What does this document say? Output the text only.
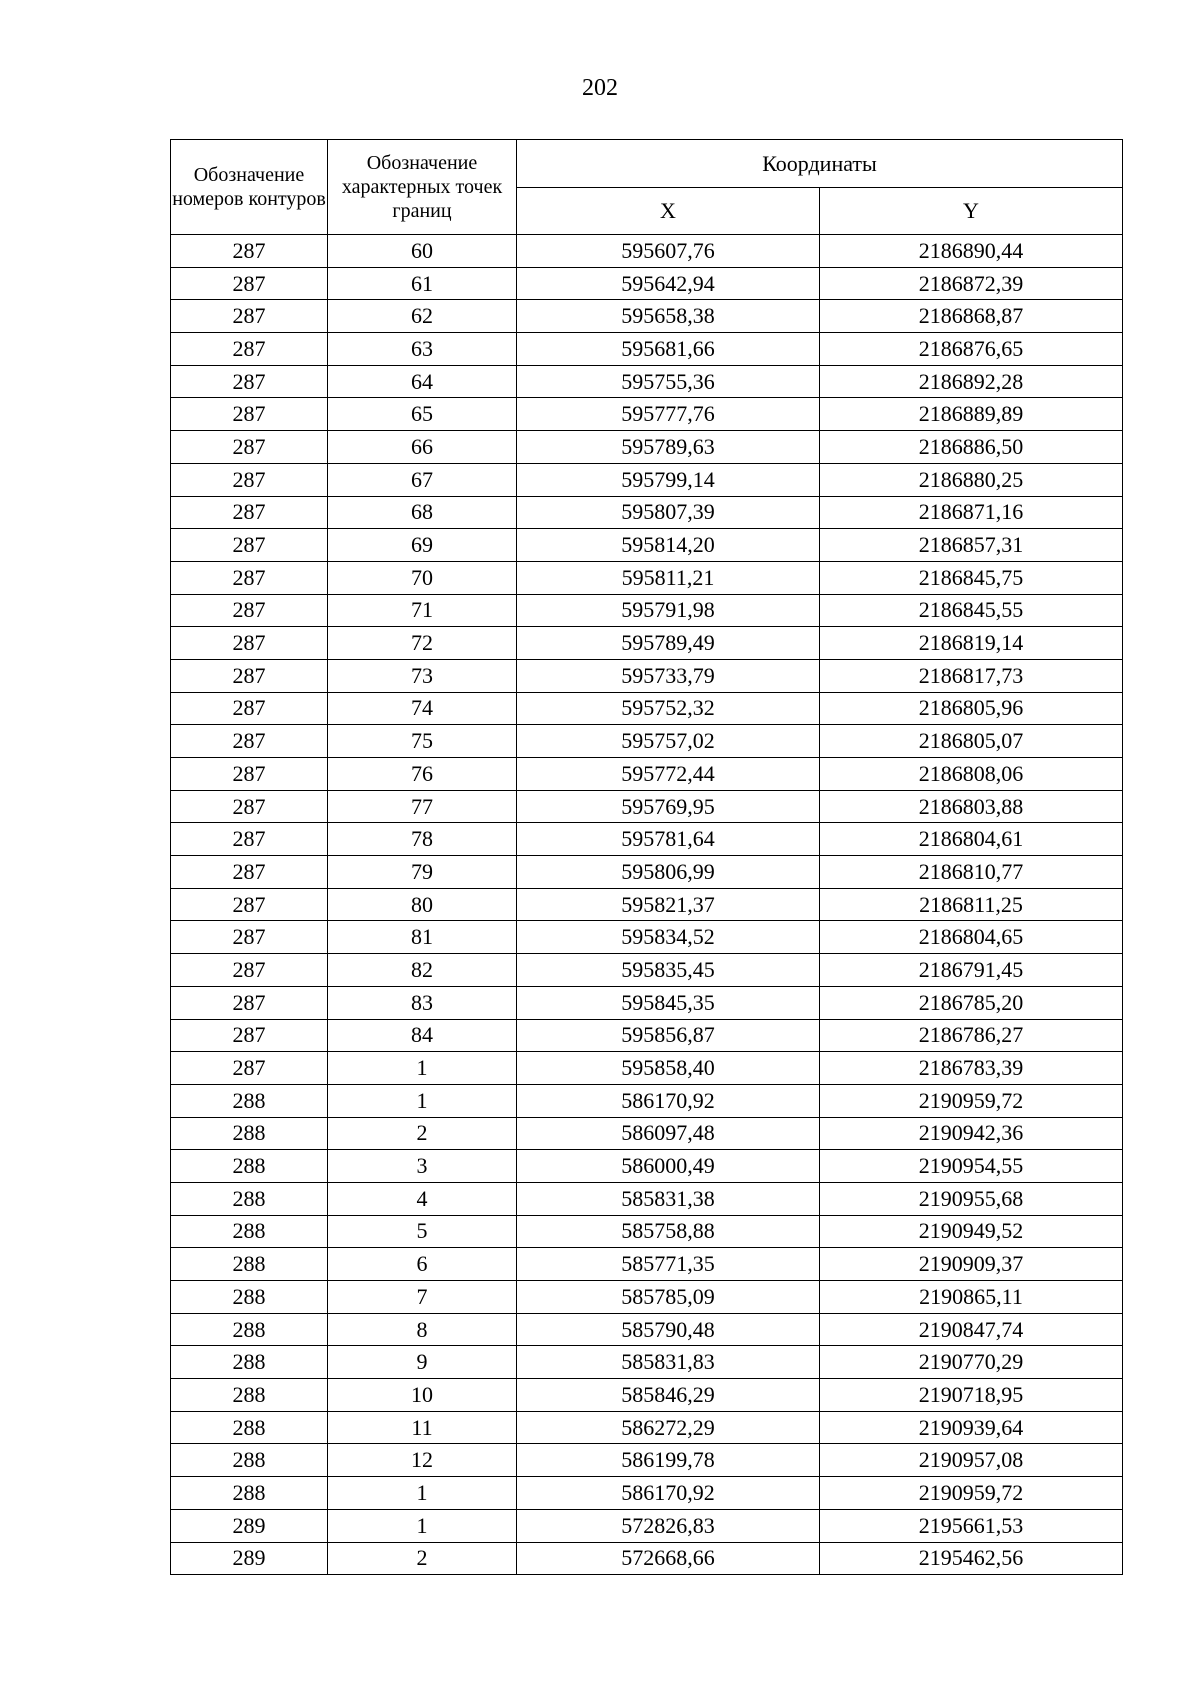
202
Обозначение номеров контуров	Обозначение характерных точек границ	Координаты	
		X	Y
287	60	595607,76	2186890,44
287	61	595642,94	2186872,39
287	62	595658,38	2186868,87
287	63	595681,66	2186876,65
287	64	595755,36	2186892,28
287	65	595777,76	2186889,89
287	66	595789,63	2186886,50
287	67	595799,14	2186880,25
287	68	595807,39	2186871,16
287	69	595814,20	2186857,31
287	70	595811,21	2186845,75
287	71	595791,98	2186845,55
287	72	595789,49	2186819,14
287	73	595733,79	2186817,73
287	74	595752,32	2186805,96
287	75	595757,02	2186805,07
287	76	595772,44	2186808,06
287	77	595769,95	2186803,88
287	78	595781,64	2186804,61
287	79	595806,99	2186810,77
287	80	595821,37	2186811,25
287	81	595834,52	2186804,65
287	82	595835,45	2186791,45
287	83	595845,35	2186785,20
287	84	595856,87	2186786,27
287	1	595858,40	2186783,39
288	1	586170,92	2190959,72
288	2	586097,48	2190942,36
288	3	586000,49	2190954,55
288	4	585831,38	2190955,68
288	5	585758,88	2190949,52
288	6	585771,35	2190909,37
288	7	585785,09	2190865,11
288	8	585790,48	2190847,74
288	9	585831,83	2190770,29
288	10	585846,29	2190718,95
288	11	586272,29	2190939,64
288	12	586199,78	2190957,08
288	1	586170,92	2190959,72
289	1	572826,83	2195661,53
289	2	572668,66	2195462,56
